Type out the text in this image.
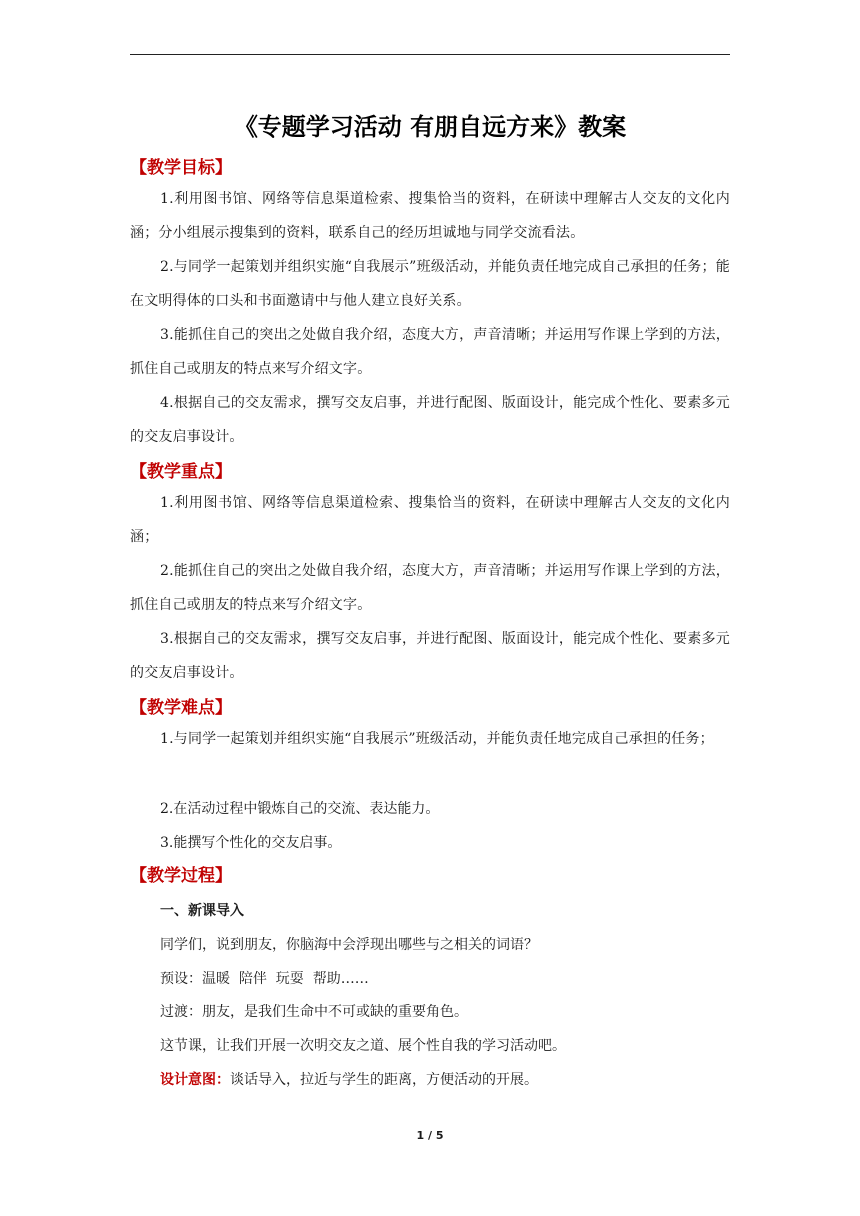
《专题学习活动 有朋自远方来》教案
【教学目标】

1.利用图书馆、网络等信息渠道检索、搜集恰当的资料，在研读中理解古人交友的文化内涵；分小组展示搜集到的资料，联系自己的经历坦诚地与同学交流看法。

2.与同学一起策划并组织实施“自我展示”班级活动，并能负责任地完成自己承担的任务；能在文明得体的口头和书面邀请中与他人建立良好关系。

3.能抓住自己的突出之处做自我介绍，态度大方，声音清晰；并运用写作课上学到的方法，抓住自己或朋友的特点来写介绍文字。

4.根据自己的交友需求，撰写交友启事，并进行配图、版面设计，能完成个性化、要素多元的交友启事设计。

【教学重点】

1.利用图书馆、网络等信息渠道检索、搜集恰当的资料，在研读中理解古人交友的文化内涵；

2.能抓住自己的突出之处做自我介绍，态度大方，声音清晰；并运用写作课上学到的方法，抓住自己或朋友的特点来写介绍文字。

3.根据自己的交友需求，撰写交友启事，并进行配图、版面设计，能完成个性化、要素多元的交友启事设计。

【教学难点】

1.与同学一起策划并组织实施“自我展示”班级活动，并能负责任地完成自己承担的任务；

2.在活动过程中锻炼自己的交流、表达能力。
3.能撰写个性化的交友启事。
【教学过程】
一、新课导入
同学们，说到朋友，你脑海中会浮现出哪些与之相关的词语？
预设：温暖  陪伴  玩耍  帮助……
过渡：朋友，是我们生命中不可或缺的重要角色。
这节课，让我们开展一次明交友之道、展个性自我的学习活动吧。
设计意图：谈话导入，拉近与学生的距离，方便活动的开展。
1 / 5
